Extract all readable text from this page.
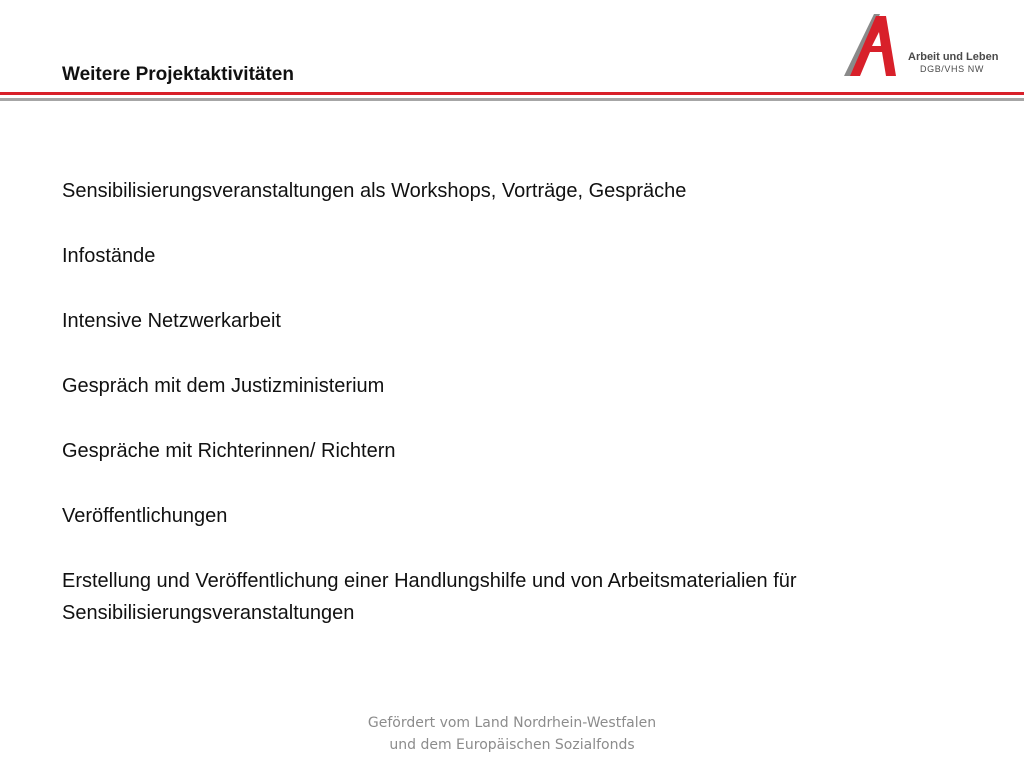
Weitere Projektaktivitäten
Arbeit und Leben
DGB/VHS NW
Sensibilisierungsveranstaltungen als Workshops, Vorträge, Gespräche
Infostände
Intensive Netzwerkarbeit
Gespräch mit dem Justizministerium
Gespräche mit Richterinnen/ Richtern
Veröffentlichungen
Erstellung und Veröffentlichung einer Handlungshilfe und von Arbeitsmaterialien für Sensibilisierungsveranstaltungen
Gefördert vom Land Nordrhein-Westfalen
und dem Europäischen Sozialfonds
